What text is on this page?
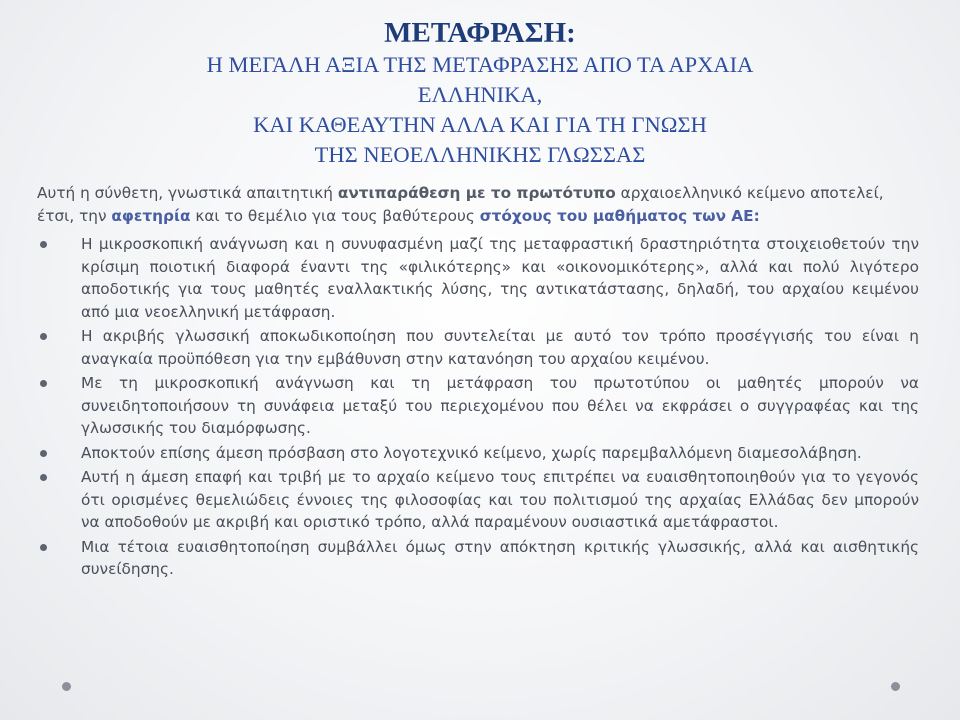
ΜΕΤΑΦΡΑΣΗ:
Η ΜΕΓΑΛΗ ΑΞΙΑ ΤΗΣ ΜΕΤΑΦΡΑΣΗΣ ΑΠΟ ΤΑ ΑΡΧΑΙΑ
ΕΛΛΗΝΙΚΑ,
ΚΑΙ ΚΑΘΕΑΥΤΗΝ ΑΛΛΑ ΚΑΙ ΓΙΑ ΤΗ ΓΝΩΣΗ
ΤΗΣ ΝΕΟΕΛΛΗΝΙΚΗΣ ΓΛΩΣΣΑΣ
Αυτή η σύνθετη, γνωστικά απαιτητική αντιπαράθεση με το πρωτότυπο αρχαιοελληνικό κείμενο αποτελεί, έτσι, την αφετηρία και το θεμέλιο για τους βαθύτερους στόχους του μαθήματος των ΑΕ:
Η μικροσκοπική ανάγνωση και η συνυφασμένη μαζί της μεταφραστική δραστηριότητα στοιχειοθετούν την κρίσιμη ποιοτική διαφορά έναντι της «φιλικότερης» και «οικονομικότερης», αλλά και πολύ λιγότερο αποδοτικής για τους μαθητές εναλλακτικής λύσης, της αντικατάστασης, δηλαδή, του αρχαίου κειμένου από μια νεοελληνική μετάφραση.
Η ακριβής γλωσσική αποκωδικοποίηση που συντελείται με αυτό τον τρόπο προσέγγισής του είναι η αναγκαία προϋπόθεση για την εμβάθυνση στην κατανόηση του αρχαίου κειμένου.
Με τη μικροσκοπική ανάγνωση και τη μετάφραση του πρωτοτύπου οι μαθητές μπορούν να συνειδητοποιήσουν τη συνάφεια μεταξύ του περιεχομένου που θέλει να εκφράσει ο συγγραφέας και της γλωσσικής του διαμόρφωσης.
Αποκτούν επίσης άμεση πρόσβαση στο λογοτεχνικό κείμενο, χωρίς παρεμβαλλόμενη διαμεσολάβηση.
Αυτή η άμεση επαφή και τριβή με το αρχαίο κείμενο τους επιτρέπει να ευαισθητοποιηθούν για το γεγονός ότι ορισμένες θεμελιώδεις έννοιες της φιλοσοφίας και του πολιτισμού της αρχαίας Ελλάδας δεν μπορούν να αποδοθούν με ακριβή και οριστικό τρόπο, αλλά παραμένουν ουσιαστικά αμετάφραστοι.
Μια τέτοια ευαισθητοποίηση συμβάλλει όμως στην απόκτηση κριτικής γλωσσικής, αλλά και αισθητικής συνείδησης.
